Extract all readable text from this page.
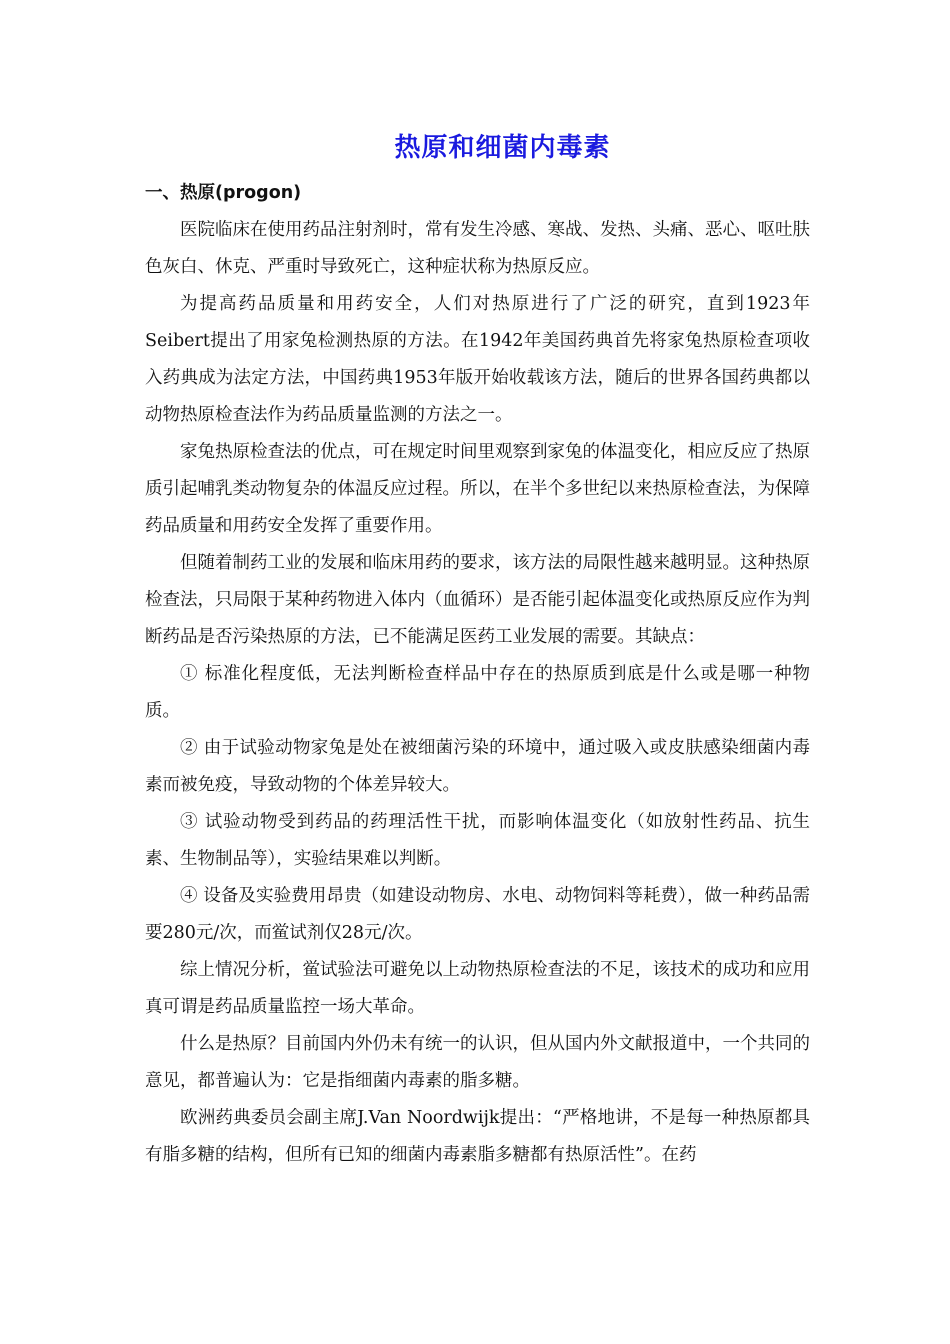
热原和细菌内毒素
一、热原(progon)

医院临床在使用药品注射剂时，常有发生冷感、寒战、发热、头痛、恶心、呕吐肤色灰白、休克、严重时导致死亡，这种症状称为热原反应。

为提高药品质量和用药安全，人们对热原进行了广泛的研究，直到1923年Seibert提出了用家兔检测热原的方法。在1942年美国药典首先将家兔热原检查项收入药典成为法定方法，中国药典1953年版开始收载该方法，随后的世界各国药典都以动物热原检查法作为药品质量监测的方法之一。

家兔热原检查法的优点，可在规定时间里观察到家兔的体温变化，相应反应了热原质引起哺乳类动物复杂的体温反应过程。所以，在半个多世纪以来热原检查法，为保障药品质量和用药安全发挥了重要作用。

但随着制药工业的发展和临床用药的要求，该方法的局限性越来越明显。这种热原检查法，只局限于某种药物进入体内（血循环）是否能引起体温变化或热原反应作为判断药品是否污染热原的方法，已不能满足医药工业发展的需要。其缺点：

① 标准化程度低，无法判断检查样品中存在的热原质到底是什么或是哪一种物质。

② 由于试验动物家兔是处在被细菌污染的环境中，通过吸入或皮肤感染细菌内毒素而被免疫，导致动物的个体差异较大。

③ 试验动物受到药品的药理活性干扰，而影响体温变化（如放射性药品、抗生素、生物制品等），实验结果难以判断。

④ 设备及实验费用昂贵（如建设动物房、水电、动物饲料等耗费），做一种药品需要280元/次，而鲎试剂仅28元/次。

综上情况分析，鲎试验法可避免以上动物热原检查法的不足，该技术的成功和应用真可谓是药品质量监控一场大革命。

什么是热原？目前国内外仍未有统一的认识，但从国内外文献报道中，一个共同的意见，都普遍认为：它是指细菌内毒素的脂多糖。

欧洲药典委员会副主席J.Van Noordwijk提出：“严格地讲，不是每一种热原都具有脂多糖的结构，但所有已知的细菌内毒素脂多糖都有热原活性”。在药
